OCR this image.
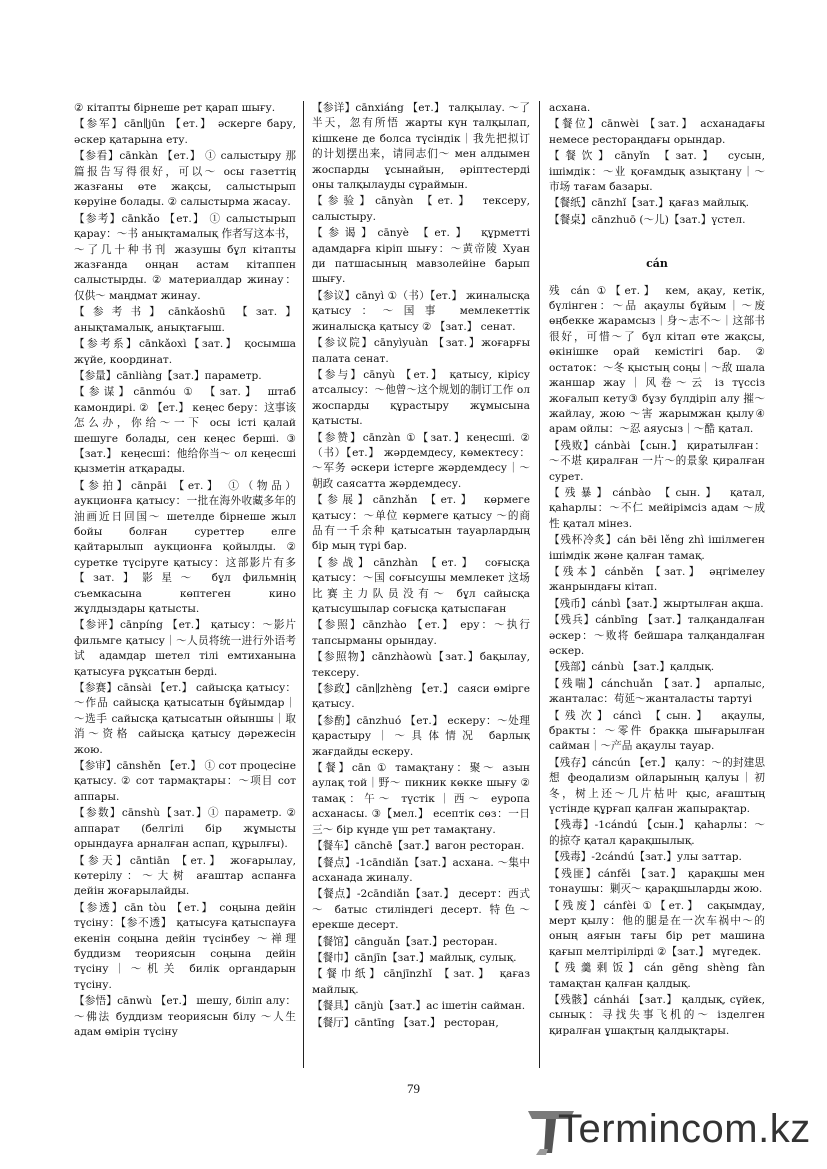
② кітапты бірнеше рет қарап шығу.

【参军】cān∥jūn 【ет.】 әскерге бару, әскер қатарына ету.

【参看】cānkàn 【ет.】 ① салыстыру 那篇报告写得很好，可以～ осы газеттің жазғаны өте жақсы, салыстырып көруіне болады. ② салыстырма жасау.

【参考】cānkǎo 【ет.】 ① салыстырып қарау：～书 анықтамалық 作者写这本书，～了几十种书刊 жазушы бұл кітапты жазғанда онңан астам кітаппен салыстырды. ② материалдар жинау：仅供～ маңдмат жинау.

【参考书】cānkǎoshū 【зат.】 анықтамалық, анықтағыш.

【参考系】cānkǎoxì【зат.】 қосымша жүйе, координат.

【参量】cānliàng【зат.】параметр.

【参谋】cānmóu ① 【зат.】 штаб камондирі. ② 【ет.】 кеңес беру：这事该怎么办，你给～一下 осы істі қалай шешуге болады, сен кеңес берші. ③ 【зат.】 кеңесші：他给你当～ ол кеңесші қызметін атқарады.

【参拍】cānpāi 【ет.】 ①（物品）аукционға қатысу：一批在海外收藏多年的油画近日回国～ шетелде бірнеше жыл бойы болған суреттер елге қайтарылып аукционға қойылды. ② суретке түсіруге қатысу：这部影片有多【зат.】影星～ бұл фильмнің съемкасына көптеген кино жұлдыздары қатысты.

【参评】cānpíng 【ет.】 қатысу：～影片 фильмге қатысу｜～人员将统一进行外语考试 адамдар шетел тілі емтиханына қатысуға рұқсатын берді.

【参赛】cānsài 【ет.】 сайысқа қатысу：～作品 сайысқа қатысатын бұйымдар｜～选手 сайысқа қатысатын ойыншы｜取消～资格 сайысқа қатысу дәрежесін жою.

【参审】cānshěn 【ет.】 ① сот процесіне қатысу. ② сот тармақтары：～项目 сот аппары.

【参数】cānshù【зат.】① параметр. ② аппарат (белгілі бір жұмысты орындауға арналған аспап, құрылғы).

【参天】cāntiān 【ет.】 жоғарылау, көтерілу：～大树 ағаштар аспанға дейін жоғарылайды.

【参透】cān tòu 【ет.】 соңына дейін түсіну：【参不透】 қатысуға қатыспауға екенін соңына дейін түсінбеу ～禅理 буддизм теориясын соңына дейін түсіну｜～机关 билік органдарын түсіну.

【参悟】cānwù 【ет.】 шешу, біліп алу：～佛法 буддизм теориясын білу ～人生 адам өмірін түсіну

【参详】cānxiáng 【ет.】 талқылау. ～了半天，忽有所悟 жарты күн талқылап, кішкене де болса түсіндік｜我先把拟订的计划摆出来，请同志们～ мен алдымен жоспарды ұсынайын, әріптестерді оны талқылауды сұраймын.

【参验】cānyàn 【ет.】 тексеру, салыстыру.

【参谒】cānyè 【ет.】 құрметті адамдарға кіріп шығу：～黄帝陵 Хуан ди патшасының мавзолейіне барып шығу.

【参议】cānyì ①（书）【ет.】 жиналысқа қатысу：～国事 мемлекеттік жиналысқа қатысу ② 【зат.】 сенат.

【参议院】cānyìyuàn 【зат.】жоғарғы палата сенат.

【参与】cānyù 【ет.】 қатысу, кірісу атсалысу：～他曾～这个规划的制订工作 ол жоспарды құрастыру жұмысына қатысты.

【参赞】cānzàn ①【зат.】кеңесші. ② （书）【ет.】 жәрдемдесу, көмектесу：～军务 әскери істерге жәрдемдесу｜～朝政 саясатта жәрдемдесу.

【参展】cānzhǎn 【ет.】 көрмеге қатысу：～单位 көрмеге қатысу ～的商品有一千余种 қатысатын тауарлардың бір мың түрі бар.

【参战】cānzhàn 【ет.】 соғысқа қатысу：～国 соғысушы мемлекет 这场比赛主力队员没有～ бұл сайысқа қатысушылар соғысқа қатыспаған

【参照】cānzhào 【ет.】 еру：～执行 тапсырманы орындау.

【参照物】cānzhàowù【зат.】бақылау, тексеру.

【参政】cān∥zhèng 【ет.】 саяси өмірге қатысу.

【参酌】cānzhuó 【ет.】 ескеру：～处理 қарастыру｜～具体情况 барлық жағдайды ескеру.

【餐】cān ① тамақтану：聚～ азын аулақ той｜野～ пикник көкке шығу ② тамақ：午～ түстік｜西～ еуропа асханасы. ③【мел.】 есептік сөз：一日三～ бір күнде үш рет тамақтану.

【餐车】cānchē【зат.】вагон ресторан.

【餐点】-1cāndiǎn【зат.】асхана. ～集中 асханада жиналу.

【餐点】-2cāndiǎn【зат.】 десерт：西式～ батыс стиліндегі десерт. 特色～ ерекше десерт.

【餐馆】cānguǎn【зат.】ресторан.

【餐巾】cānjīn【зат.】майлық, сулық.

【餐巾纸】cānjīnzhǐ 【зат.】 қағаз майлық.

【餐具】cānjù【зат.】ас ішетін сайман.

【餐厅】cāntīng 【зат.】 ресторан,

асхана.

【餐位】cānwèi 【зат.】 асханадағы немесе рестораңдағы орындар.

【餐饮】cānyǐn 【зат.】 сусын, ішімдік：～业 қоғамдық азықтану｜～市场 тағам базары.

【餐纸】cānzhǐ【зат.】қағаз майлық.

【餐桌】cānzhuō (～儿)【зат.】үстел.

cán

残 cán ①【ет.】 кем, ақау, кетік, бүлінген：～品 ақаулы бұйым｜～废 өңбекке жарамсыз｜身～志不～｜这部书很好，可惜～了 бұл кітап өте жақсы, өкінішке орай кемістігі бар. ② остаток：～冬 қыстың соңы｜～敌 шала жаншар жау｜风卷～云 із түссіз жоғалып кету③ бұзу бүлдіріп алу 摧～ жайлау, жою ～害 жарымжан қылу④ арам ойлы：～忍 аяусыз｜～酷 қатал.

【残败】cánbài 【сын.】 қиратылған：～不堪 қиралған 一片～的景象 қиралған сурет.

【残暴】cánbào 【сын.】 қатал, қаһарлы：～不仁 мейірімсіз адам ～成性 қатал мінез.

【残杯冷炙】cán bēi lěng zhì ішілмеген ішімдік және қалған тамақ.

【残本】cánběn 【зат.】 әңгімелеу жанрындағы кітап.

【残币】cánbì【зат.】жыртылған ақша.

【残兵】cánbīng 【зат.】талқандалған әскер：～败将 бейшара талқандалған әскер.

【残部】cánbù 【зат.】қалдық.

【残喘】cánchuǎn 【зат.】 арпалыс, жанталас：苟延～жанталасты тартуі

【残次】cáncì 【сын.】 ақаулы, бракты：～零件 бракқа шығарылған сайман｜～产品 ақаулы тауар.

【残存】cáncún 【ет.】 қалу：～的封建思想 феодализм ойларының қалуы｜初冬，树上还～几片枯叶 қыс, ағаштың үстінде құрғап қалған жапырақтар.

【残毒】-1cándú 【сын.】 қаһарлы：～的掠夺 қатал қарақшылық.

【残毒】-2cándú【зат.】улы заттар.

【残匪】cánfěi 【зат.】 қарақшы мен тонаушы：剿灭～ қарақшыларды жою.

【残废】cánfèi ①【ет.】 сақымдау, мерт қылу：他的腿是在一次车祸中～的 оның аяғын тағы бір рет машина қағып мелтірілірді ②【зат.】 мүгедек.

【残羹剩饭】cán gēng shèng fàn тамақтан қалған қалдық.

【残骸】cánhái 【зат.】 қалдық, сүйек, сынық：寻找失事飞机的～ ізделген қиралған ұшақтың қалдықтары.

79
Termincom.kz
